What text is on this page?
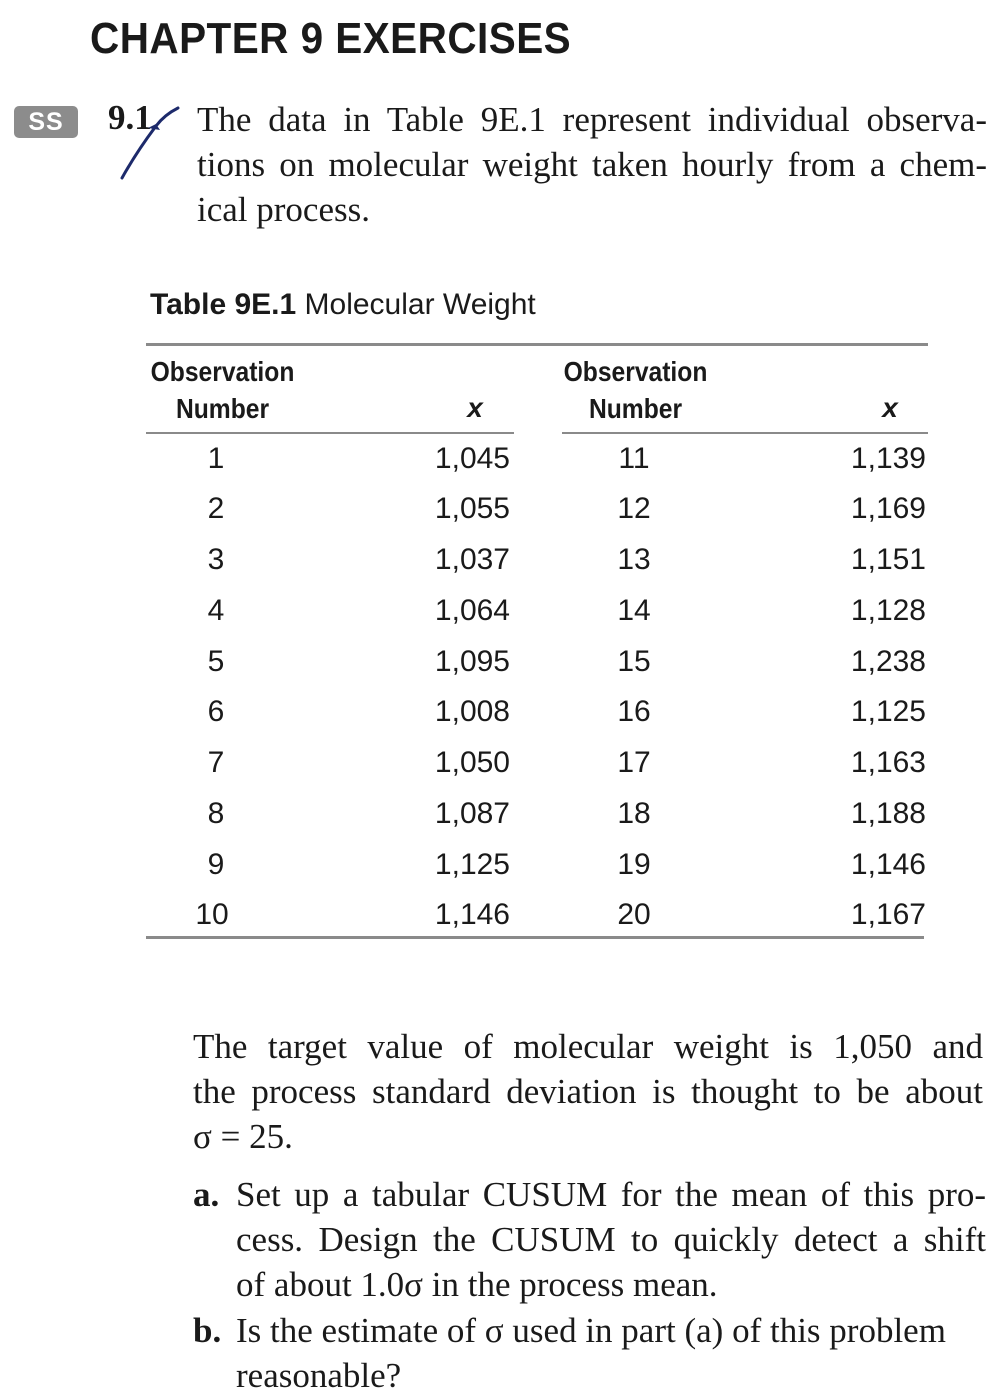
CHAPTER 9 EXERCISES
SS	9.1 The data in Table 9E.1 represent individual observa-
tions on molecular weight taken hourly from a chem-
ical process.
Table 9E.1 Molecular Weight
Observation
Number	x
Observation
Number	x
1	1,045	11	1,139
2	1,055	12	1,169
3	1,037	13	1,151
4	1,064	14	1,128
5	1,095	15	1,238
6	1,008	16	1,125
7	1,050	17	1,163
8	1,087	18	1,188
9	1,125	19	1,146
10	1,146	20	1,167
The target value of molecular weight is 1,050 and
the process standard deviation is thought to be about
σ = 25.
a. Set up a tabular CUSUM for the mean of this pro-
cess. Design the CUSUM to quickly detect a shift
of about 1.0σ in the process mean.
b. Is the estimate of σ used in part (a) of this problem
reasonable?
